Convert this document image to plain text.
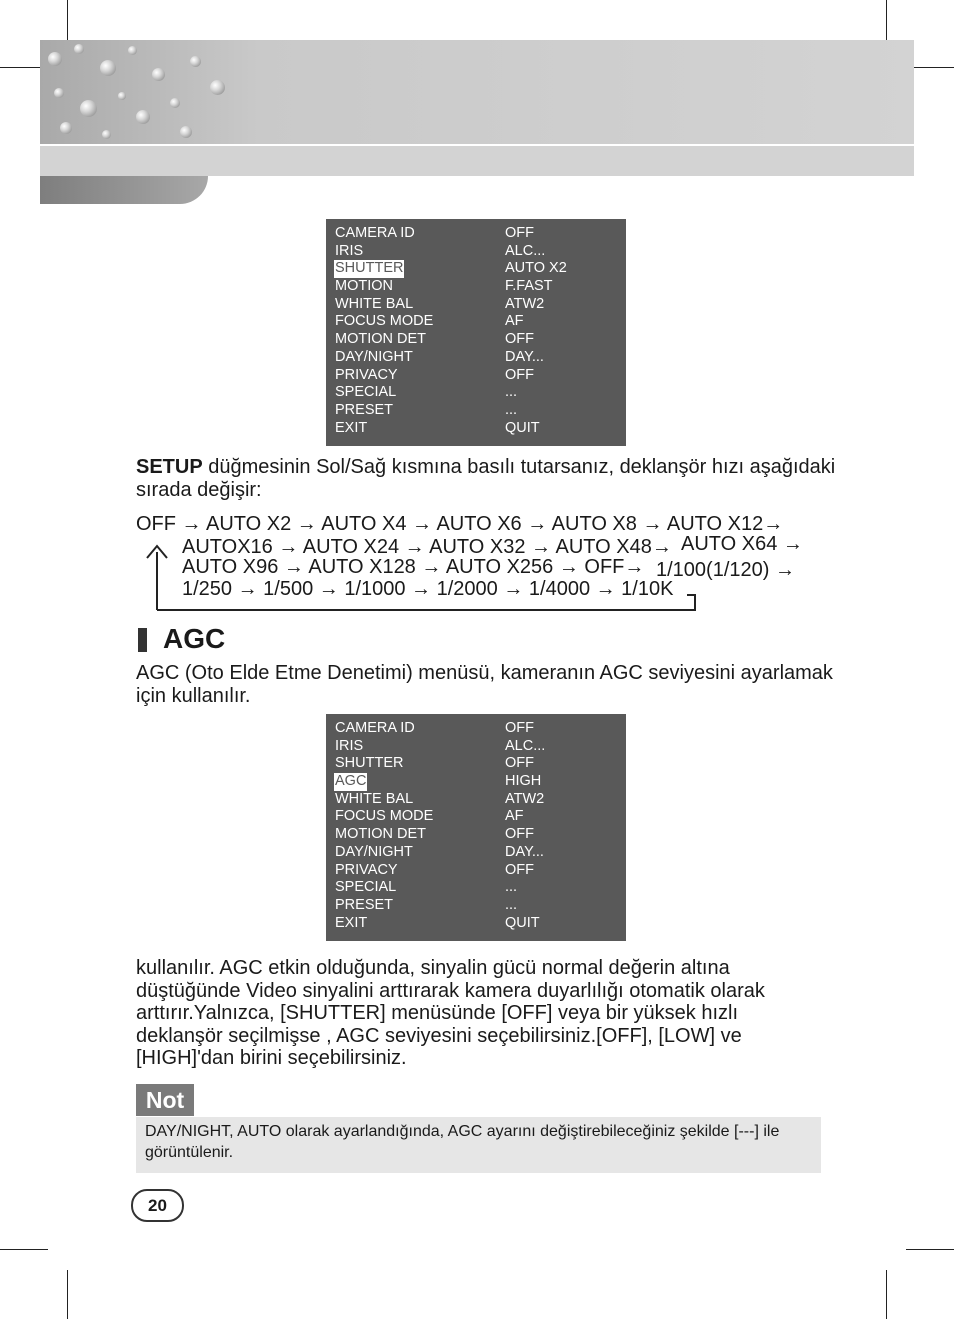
CAMERA ID	OFF
IRIS	ALC...
SHUTTER	AUTO X2
MOTION	F.FAST
WHITE BAL	ATW2
FOCUS MODE	AF
MOTION DET	OFF
DAY/NIGHT	DAY...
PRIVACY	OFF
SPECIAL	...
PRESET	...
EXIT	QUIT
SETUP düğmesinin Sol/Sağ kısmına basılı tutarsanız, deklanşör hızı aşağıdaki sırada değişir:
OFF → AUTO X2 → AUTO X4 → AUTO X6 → AUTO X8 → AUTO X12→
AUTOX16 → AUTO X24 → AUTO X32 → AUTO X48→ AUTO X64 →
AUTO X96 → AUTO X128 → AUTO X256 → OFF→ 1/100(1/120) →
1/250 → 1/500 → 1/1000 → 1/2000 → 1/4000 → 1/10K
AGC
AGC (Oto Elde Etme Denetimi) menüsü, kameranın AGC seviyesini ayarlamak için kullanılır.
CAMERA ID	OFF
IRIS	ALC...
SHUTTER	OFF
AGC	HIGH
WHITE BAL	ATW2
FOCUS MODE	AF
MOTION DET	OFF
DAY/NIGHT	DAY...
PRIVACY	OFF
SPECIAL	...
PRESET	...
EXIT	QUIT
kullanılır. AGC etkin olduğunda, sinyalin gücü normal değerin altına düştüğünde Video sinyalini arttırarak kamera duyarlılığı otomatik olarak arttırır.Yalnızca, [SHUTTER] menüsünde [OFF] veya bir yüksek hızlı deklanşör seçilmişse , AGC seviyesini seçebilirsiniz.[OFF], [LOW] ve [HIGH]'dan birini seçebilirsiniz.
Not
DAY/NIGHT, AUTO olarak ayarlandığında, AGC ayarını değiştirebileceğiniz şekilde [---] ile görüntülenir.
20
